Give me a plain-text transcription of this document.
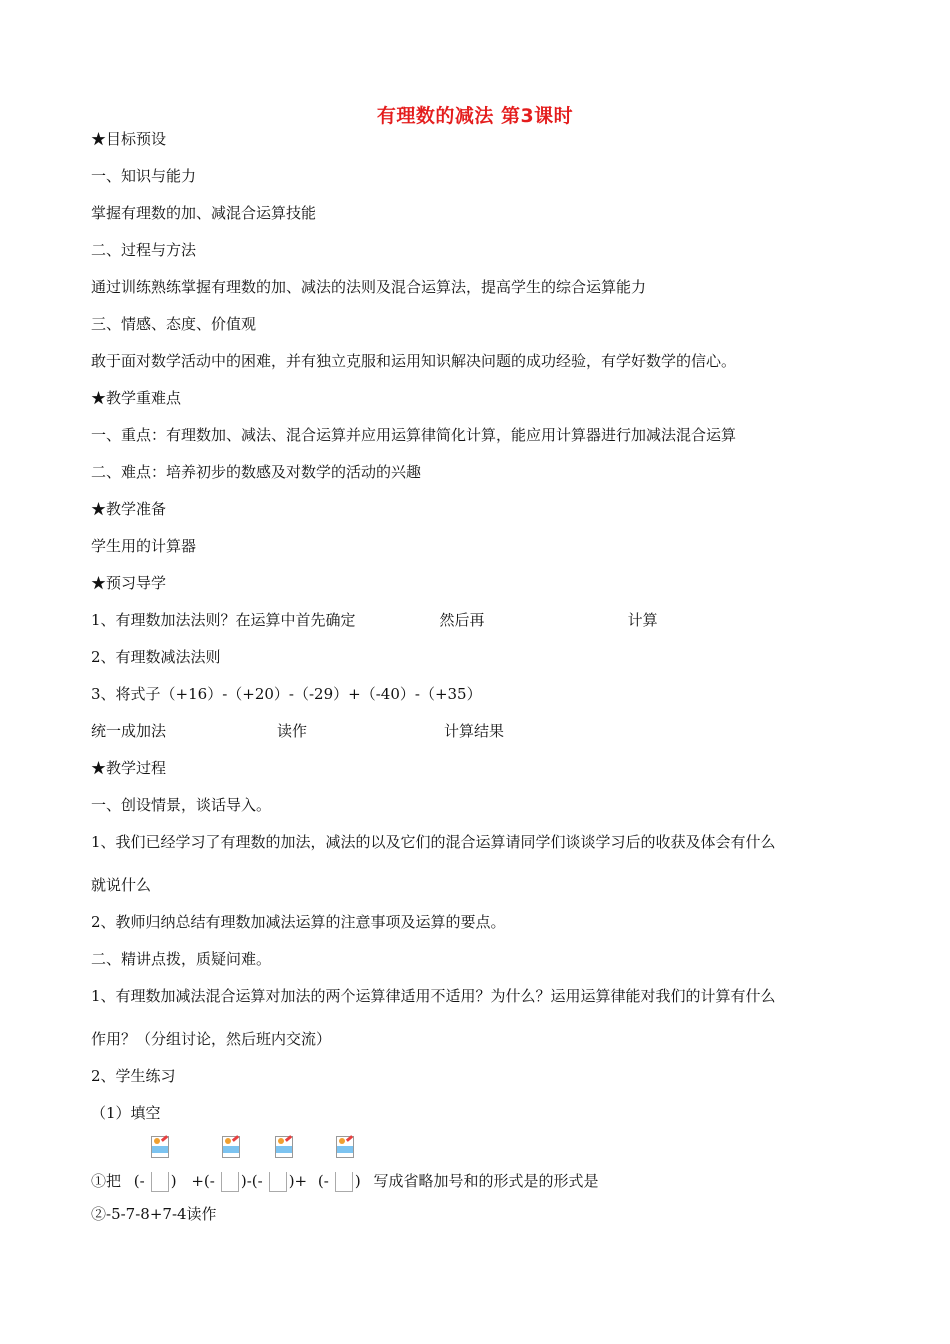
有理数的减法 第3课时
★目标预设
一、知识与能力
掌握有理数的加、减混合运算技能
二、过程与方法
通过训练熟练掌握有理数的加、减法的法则及混合运算法，提高学生的综合运算能力
三、情感、态度、价值观
敢于面对数学活动中的困难，并有独立克服和运用知识解决问题的成功经验，有学好数学的信心。
★教学重难点
一、重点：有理数加、减法、混合运算并应用运算律简化计算，能应用计算器进行加减法混合运算
二、难点：培养初步的数感及对数学的活动的兴趣
★教学准备
学生用的计算器
★预习导学
1、有理数加法法则？在运算中首先确定	然后再	计算
2、有理数减法法则
3、将式子（+16）-（+20）-（-29）+（-40）-（+35）
统一成加法	读作	计算结果
★教学过程
一、创设情景，谈话导入。
1、我们已经学习了有理数的加法，减法的以及它们的混合运算请同学们谈谈学习后的收获及体会有什么
就说什么
2、教师归纳总结有理数加减法运算的注意事项及运算的要点。
二、精讲点拨，质疑问难。
1、有理数加减法混合运算对加法的两个运算律适用不适用？为什么？运用运算律能对我们的计算有什么
作用？（分组讨论，然后班内交流）
2、学生练习
（1）填空
①把 (- ) +(- )-(- )+ (- ) 写成省略加号和的形式是的形式是
②-5-7-8+7-4读作
